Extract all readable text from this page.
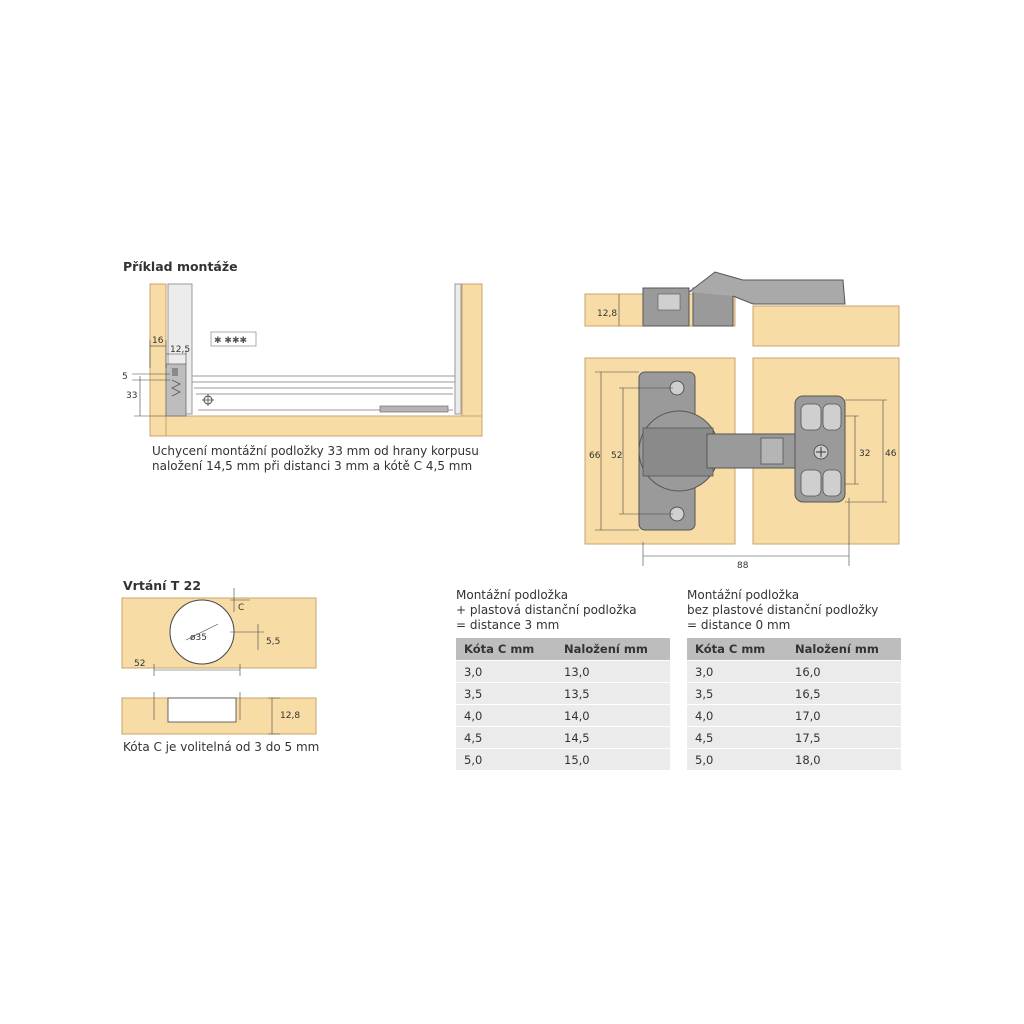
Příklad montáže
16
12,5
5
33
✱ ✱✱✱
Uchycení montážní podložky 33 mm od hrany korpusu
naložení 14,5 mm při distanci 3 mm a kótě C 4,5 mm
12,8
66 52	32 46
88
Vrtání T 22
ø35
C
5,5
52
12,8
Kóta C je volitelná od 3 do 5 mm
Montážní podložka
+ plastová distanční podložka
= distance 3 mm
Kóta C mm	Naložení mm
3,0	13,0
3,5	13,5
4,0	14,0
4,5	14,5
5,0	15,0
Montážní podložka
bez plastové distanční podložky
= distance 0 mm
Kóta C mm	Naložení mm
3,0	16,0
3,5	16,5
4,0	17,0
4,5	17,5
5,0	18,0
